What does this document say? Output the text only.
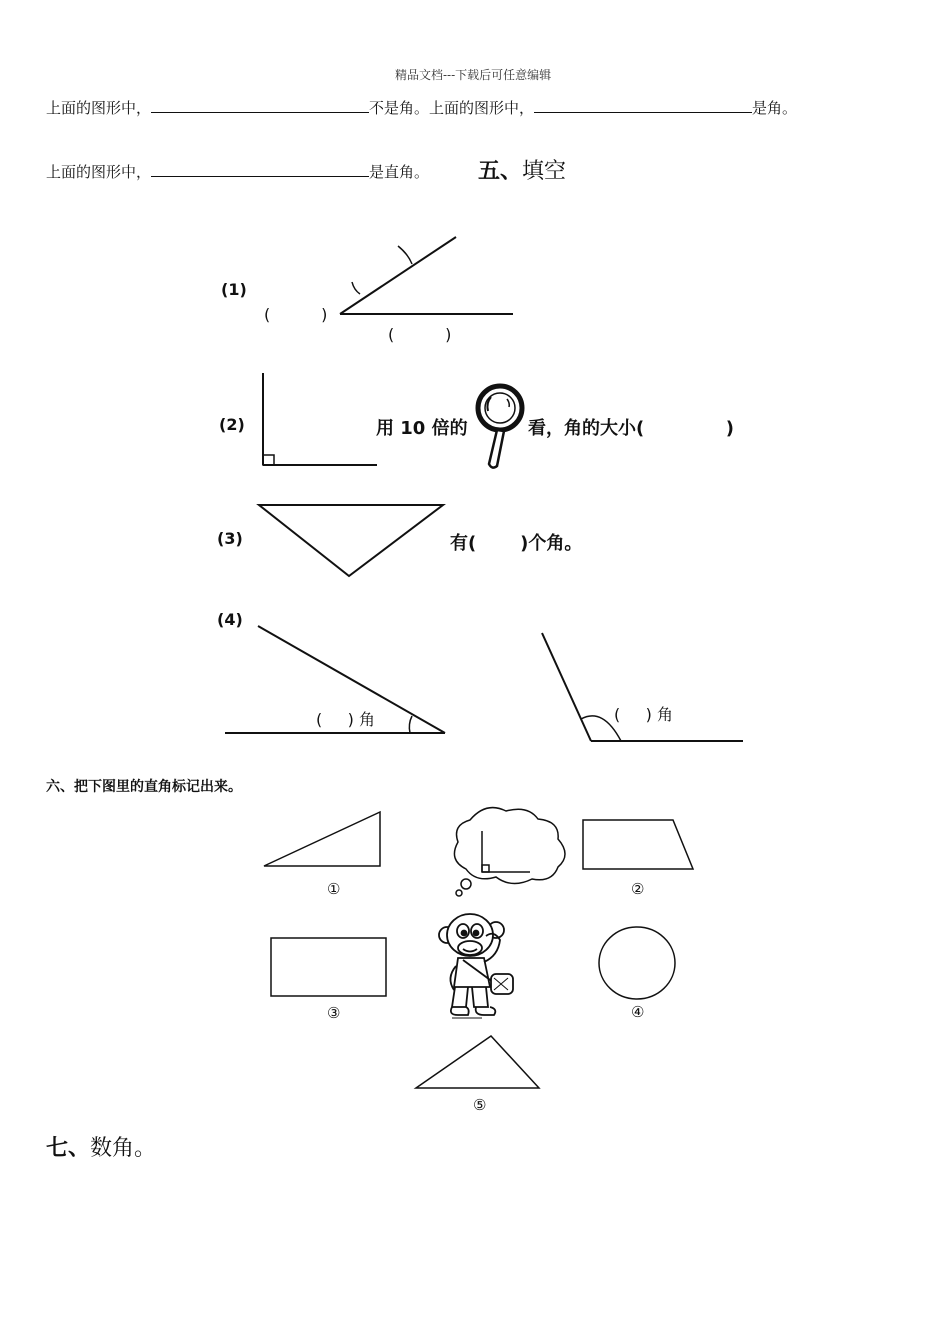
精品文档---下载后可任意编辑
上面的图形中，	不是角。上面的图形中，	是角。
上面的图形中，	是直角。 五、填空
(1)
(          )
(          )
(2)	用 10 倍的	看，角的大小(             )
(3)	有(       )个角。
(4)
(     ) 角	(     ) 角
六、把下图里的直角标记出来。
①	②
③	④
⑤
七、数角。
